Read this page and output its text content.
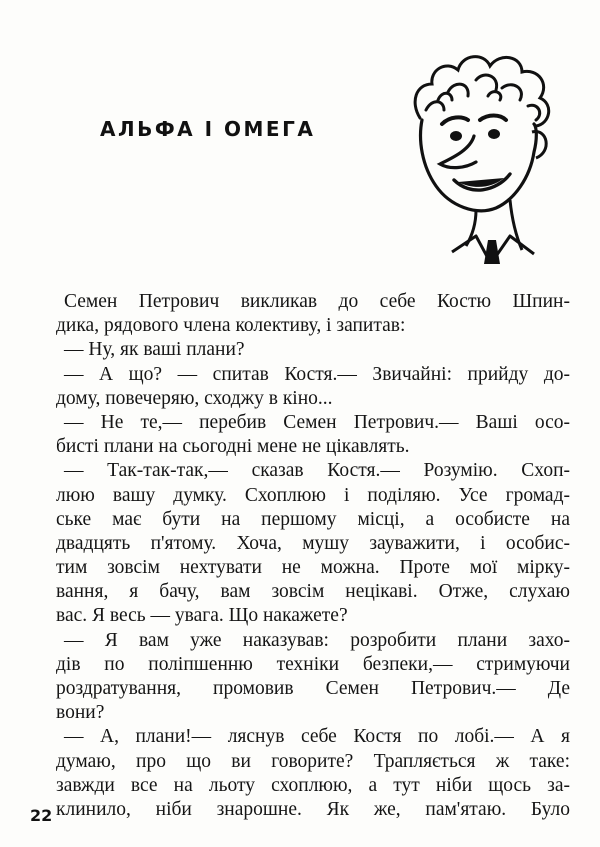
АЛЬФА І ОМЕГА
Семен Петрович викликав до себе Костю Шпин-
дика, рядового члена колективу, і запитав:
— Ну, як ваші плани?
— А що? — спитав Костя.— Звичайні: прийду до-
дому, повечеряю, сходжу в кіно...
— Не те,— перебив Семен Петрович.— Ваші осо-
бисті плани на сьогодні мене не цікавлять.
— Так-так-так,— сказав Костя.— Розумію. Схоп-
люю вашу думку. Схоплюю і поділяю. Усе громад-
ське має бути на першому місці, а особисте на
двадцять п'ятому. Хоча, мушу зауважити, і особис-
тим зовсім нехтувати не можна. Проте мої мірку-
вання, я бачу, вам зовсім нецікаві. Отже, слухаю
вас. Я весь — увага. Що накажете?
— Я вам уже наказував: розробити плани захо-
дів по поліпшенню техніки безпеки,— стримуючи
роздратування, промовив Семен Петрович.— Де
вони?
— А, плани!— ляснув себе Костя по лобі.— А я
думаю, про що ви говорите? Трапляється ж таке:
завжди все на льоту схоплюю, а тут ніби щось за-
клинило, ніби знарошне. Як же, пам'ятаю. Було
22
